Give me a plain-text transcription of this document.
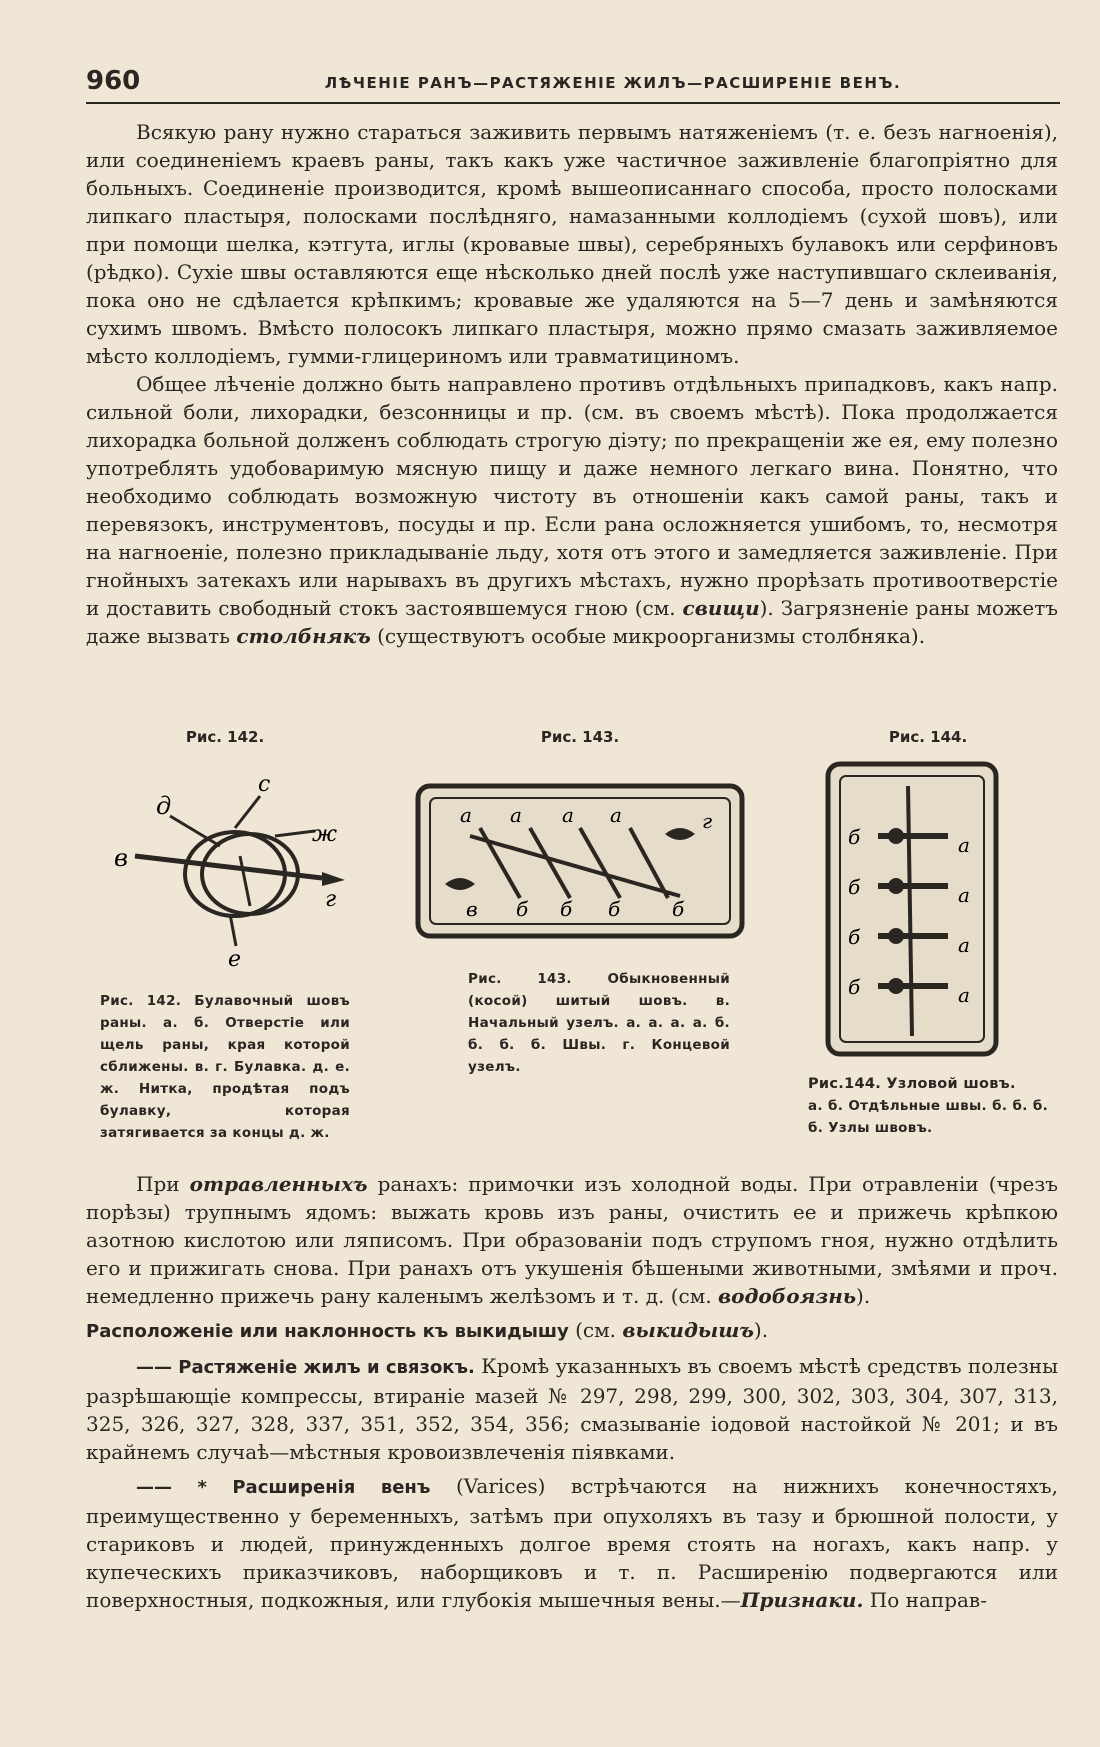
960	ЛѢЧЕНІЕ РАНЪ—РАСТЯЖЕНІЕ ЖИЛЪ—РАСШИРЕНІЕ ВЕНЪ.

Всякую рану нужно стараться заживить первымъ натяженіемъ (т. е. безъ нагноенія), или соединеніемъ краевъ раны, такъ какъ уже частичное заживленіе благопріятно для больныхъ. Соединеніе производится, кромѣ вышеописаннаго способа, просто полосками липкаго пластыря, полосками послѣдняго, намазанными коллодіемъ (сухой шовъ), или при помощи шелка, кэтгута, иглы (кровавые швы), серебряныхъ булавокъ или серфиновъ (рѣдко). Сухіе швы оставляются еще нѣсколько дней послѣ уже наступившаго склеиванія, пока оно не сдѣлается крѣпкимъ; кровавые же удаляются на 5—7 день и замѣняются сухимъ швомъ. Вмѣсто полосокъ липкаго пластыря, можно прямо смазать заживляемое мѣсто коллодіемъ, гумми-глицериномъ или травматициномъ.

Общее лѣченіе должно быть направлено противъ отдѣльныхъ припадковъ, какъ напр. сильной боли, лихорадки, безсонницы и пр. (см. въ своемъ мѣстѣ). Пока продолжается лихорадка больной долженъ соблюдать строгую діэту; по прекращеніи же ея, ему полезно употреблять удобоваримую мясную пищу и даже немного легкаго вина. Понятно, что необходимо соблюдать возможную чистоту въ отношеніи какъ самой раны, такъ и перевязокъ, инструментовъ, посуды и пр. Если рана осложняется ушибомъ, то, несмотря на нагноеніе, полезно прикладываніе льду, хотя отъ этого и замедляется заживленіе. При гнойныхъ затекахъ или нарывахъ въ другихъ мѣстахъ, нужно прорѣзать противоотверстіе и доставить свободный стокъ застоявшемуся гною (см. свищи). Загрязненіе раны можетъ даже вызвать столбнякъ (существуютъ особые микроорганизмы столбняка).

Рис. 142.
д
с
ж
в
г
е
Рис. 142. Булавочный шовъ раны. а. б. Отверстіе или щель раны, края которой сближены. в. г. Булавка. д. е. ж. Нитка, продѣтая подъ булавку, которая затягивается за концы д. ж.
Рис. 143.
а а а а	г
в б б б	б
Рис. 143. Обыкновенный (косой) шитый шовъ. в. Начальный узелъ. а. а. а. а. б. б. б. б. Швы. г. Концевой узелъ.
Рис. 144.
б
б
б
б
а
а
а
а
Рис.144. Узловой шовъ.
а. б. Отдѣльные швы. б. б. б. б. Узлы швовъ.

При отравленныхъ ранахъ: примочки изъ холодной воды. При отравленіи (чрезъ порѣзы) трупнымъ ядомъ: выжать кровь изъ раны, очистить ее и прижечь крѣпкою азотною кислотою или ляписомъ. При образованіи подъ струпомъ гноя, нужно отдѣлить его и прижигать снова. При ранахъ отъ укушенія бѣшеными животными, змѣями и проч. немедленно прижечь рану каленымъ желѣзомъ и т. д. (см. водобоязнь).

Расположеніе или наклонность къ выкидышу (см. выкидышъ).

—— Растяженіе жилъ и связокъ. Кромѣ указанныхъ въ своемъ мѣстѣ средствъ полезны разрѣшающіе компрессы, втираніе мазей № 297, 298, 299, 300, 302, 303, 304, 307, 313, 325, 326, 327, 328, 337, 351, 352, 354, 356; смазываніе іодовой настойкой № 201; и въ крайнемъ случаѣ—мѣстныя кровоизвлеченія піявками.

—— * Расширенія венъ (Varices) встрѣчаются на нижнихъ конечностяхъ, преимущественно у беременныхъ, затѣмъ при опухоляхъ въ тазу и брюшной полости, у стариковъ и людей, принужденныхъ долгое время стоять на ногахъ, какъ напр. у купеческихъ приказчиковъ, наборщиковъ и т. п. Расширенію подвергаются или поверхностныя, подкожныя, или глубокія мышечныя вены.—Признаки. По направ-
